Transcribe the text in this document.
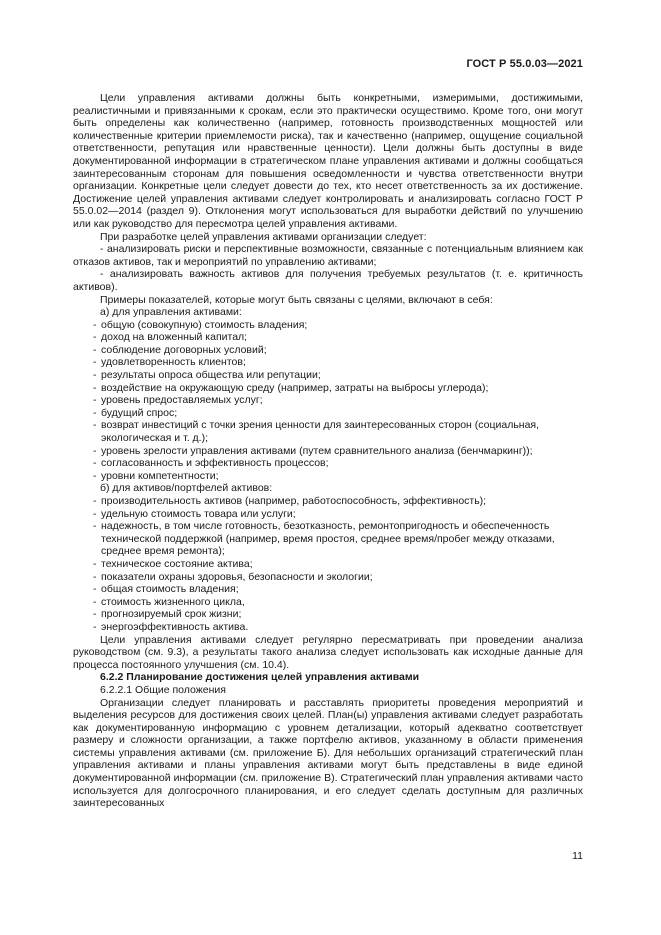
ГОСТ Р 55.0.03—2021

Цели управления активами должны быть конкретными, измеримыми, достижимыми, реалистичными и привязанными к срокам, если это практически осуществимо. Кроме того, они могут быть определены как количественно (например, готовность производственных мощностей или количественные критерии приемлемости риска), так и качественно (например, ощущение социальной ответственности, репутация или нравственные ценности). Цели должны быть доступны в виде документированной информации в стратегическом плане управления активами и должны сообщаться заинтересованным сторонам для повышения осведомленности и чувства ответственности внутри организации. Конкретные цели следует довести до тех, кто несет ответственность за их достижение. Достижение целей управления активами следует контролировать и анализировать согласно ГОСТ Р 55.0.02—2014 (раздел 9). Отклонения могут использоваться для выработки действий по улучшению или как руководство для пересмотра целей управления активами.

При разработке целей управления активами организации следует:

- анализировать риски и перспективные возможности, связанные с потенциальным влиянием как отказов активов, так и мероприятий по управлению активами;
- анализировать важность активов для получения требуемых результатов (т. е. критичность активов).

Примеры показателей, которые могут быть связаны с целями, включают в себя:

а) для управления активами:

- общую (совокупную) стоимость владения;
- доход на вложенный капитал;
- соблюдение договорных условий;
- удовлетворенность клиентов;
- результаты опроса общества или репутации;
- воздействие на окружающую среду (например, затраты на выбросы углерода);
- уровень предоставляемых услуг;
- будущий спрос;
- возврат инвестиций с точки зрения ценности для заинтересованных сторон (социальная, экологическая и т. д.);
- уровень зрелости управления активами (путем сравнительного анализа (бенчмаркинг));
- согласованность и эффективность процессов;
- уровни компетентности;

б) для активов/портфелей активов:

- производительность активов (например, работоспособность, эффективность);
- удельную стоимость товара или услуги;
- надежность, в том числе готовность, безотказность, ремонтопригодность и обеспеченность технической поддержкой (например, время простоя, среднее время/пробег между отказами, среднее время ремонта);
- техническое состояние актива;
- показатели охраны здоровья, безопасности и экологии;
- общая стоимость владения;
- стоимость жизненного цикла,
- прогнозируемый срок жизни;
- энергоэффективность актива.

Цели управления активами следует регулярно пересматривать при проведении анализа руководством (см. 9.3), а результаты такого анализа следует использовать как исходные данные для процесса постоянного улучшения (см. 10.4).

6.2.2 Планирование достижения целей управления активами

6.2.2.1 Общие положения

Организации следует планировать и расставлять приоритеты проведения мероприятий и выделения ресурсов для достижения своих целей. План(ы) управления активами следует разработать как документированную информацию с уровнем детализации, который адекватно соответствует размеру и сложности организации, а также портфелю активов, указанному в области применения системы управления активами (см. приложение Б). Для небольших организаций стратегический план управления активами и планы управления активами могут быть представлены в виде единой документированной информации (см. приложение В). Стратегический план управления активами часто используется для долгосрочного планирования, и его следует сделать доступным для различных заинтересованных

11
